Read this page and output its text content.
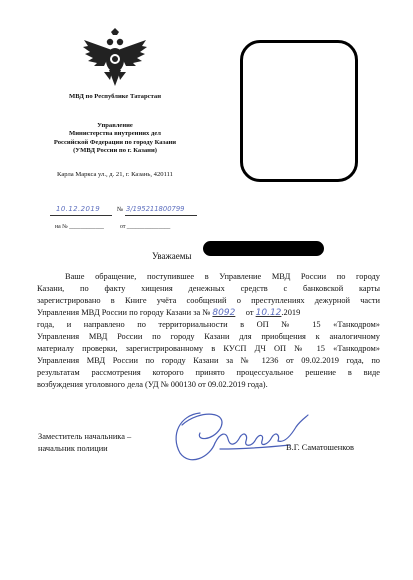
МВД по Республике Татарстан
Управление
Министерства внутренних дел
Российской Федерации по городу Казани
(УМВД России по г. Казани)
Карла Маркса ул., д. 21, г. Казань, 420111
10.12.2019	№ 3/195211800799
на № ____________	от _______________
Уважаемы
Ваше обращение, поступившее в Управление МВД России по городу
Казани, по факту хищения денежных средств с банковской карты
зарегистрировано в Книге учёта сообщений о преступлениях дежурной части
Управления МВД России по городу Казани за № 8092 от 10.12.2019
года, и направлено по территориальности в ОП № 15 «Танкодром»
Управления МВД России по городу Казани для приобщения к аналогичному
материалу проверки, зарегистрированному в КУСП ДЧ ОП № 15 «Танкодром»
Управления МВД России по городу Казани за № 1236 от 09.02.2019 года, по
результатам рассмотрения которого принято процессуальное решение в виде
возбуждения уголовного дела (УД № 000130 от 09.02.2019 года).
Заместитель начальника –
начальник полиции	В.Г. Саматошенков
